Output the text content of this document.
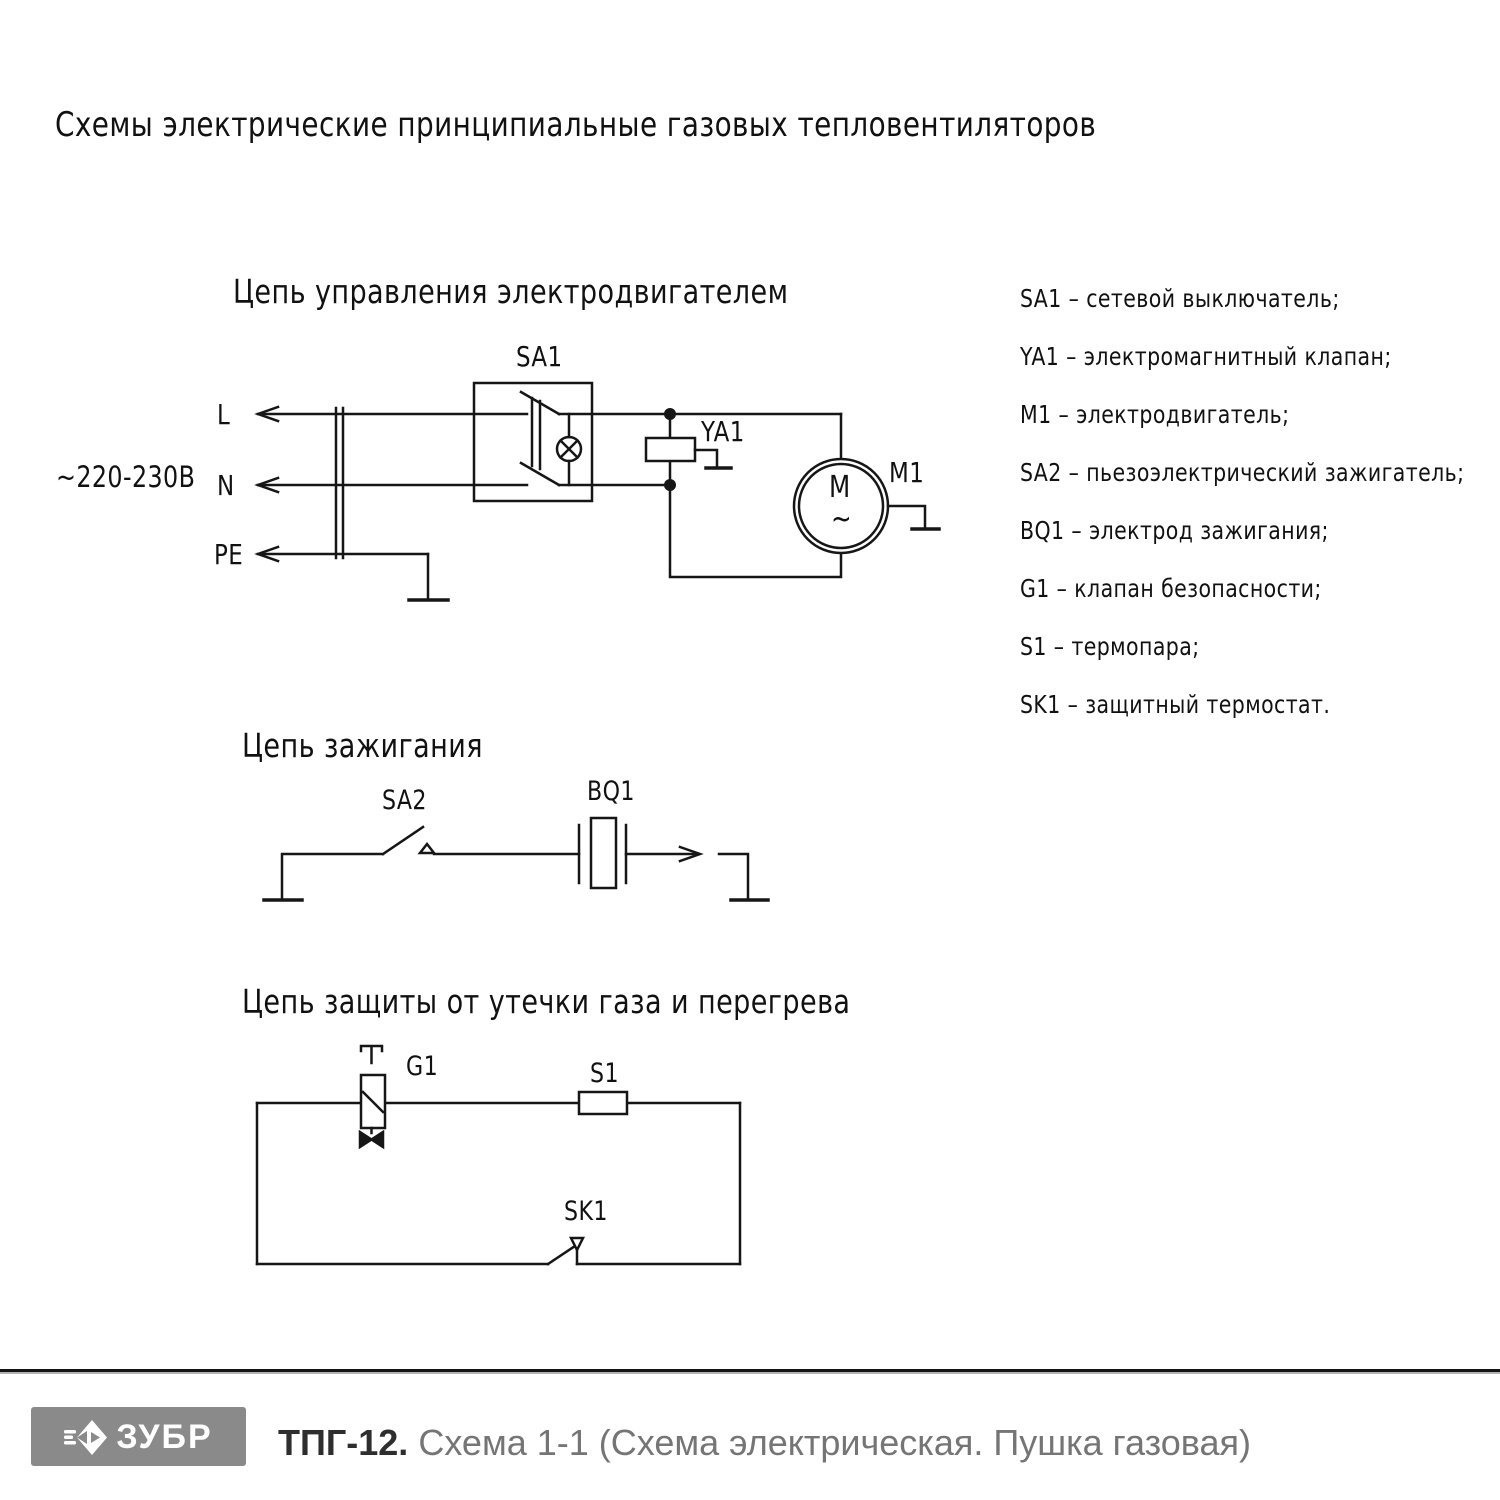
Схемы электрические принципиальные газовых тепловентиляторов
Цепь управления электродвигателем
~220-230В
L
N
PE
SA1
YA1
M1
M
~
Цепь зажигания
SA2	BQ1
Цепь защиты от утечки газа и перегрева
G1	S1
SK1
SA1 – сетевой выключатель;
YA1 – электромагнитный клапан;
M1 – электродвигатель;
SA2 – пьезоэлектрический зажигатель;
BQ1 – электрод зажигания;
G1 – клапан безопасности;
S1 – термопара;
SK1 – защитный термостат.
ЗУБР ТПГ-12. Схема 1-1 (Схема электрическая. Пушка газовая)
